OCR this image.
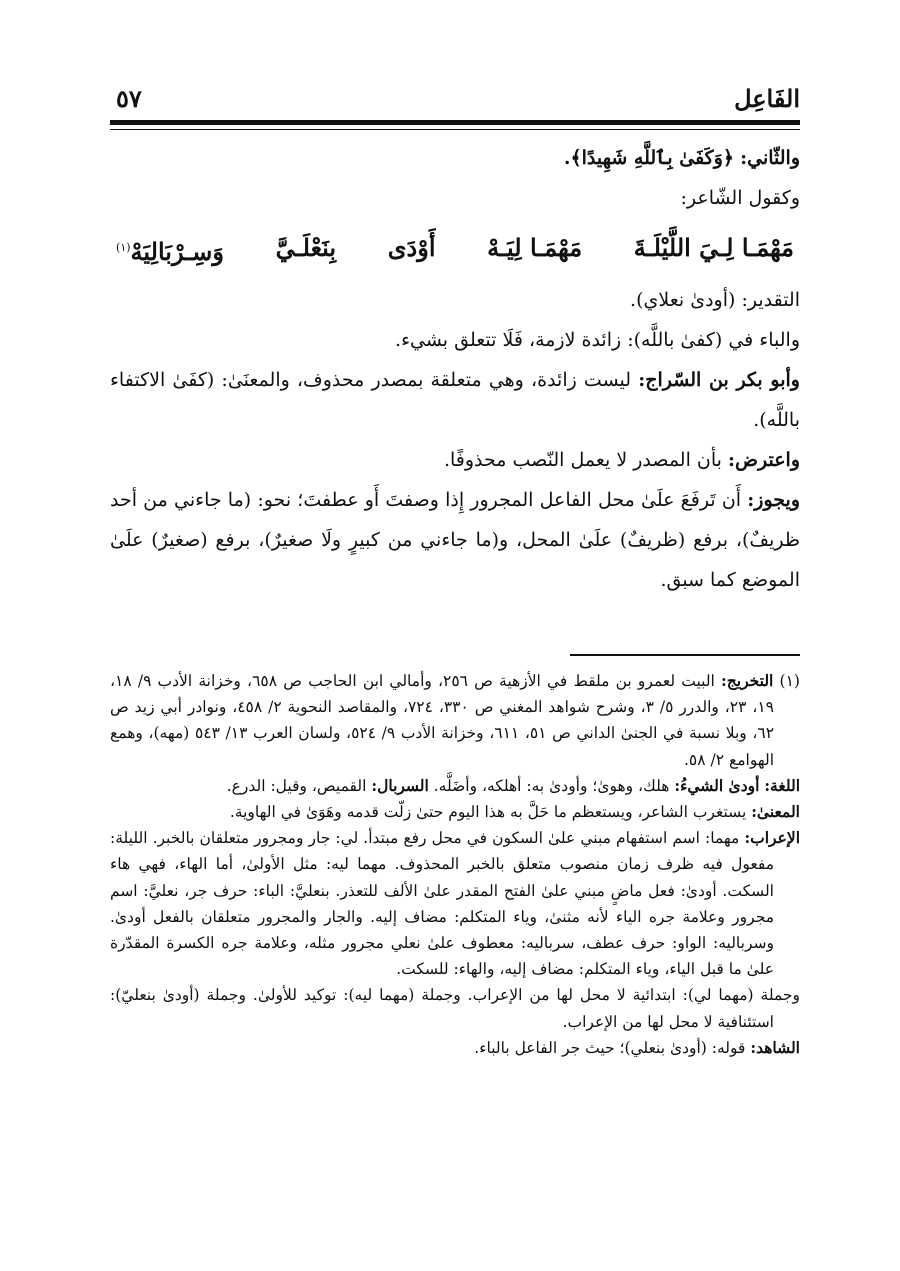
الفَاعِل
٥٧

والثّاني: ﴿وَكَفَىٰ بِٱللَّهِ شَهِيدًا﴾.

وكقول الشّاعر:

مَهْمَـا لِـيَ اللَّيْلَـةَ
مَهْمَـا لِيَـهْ
أَوْدَى
بِنَعْلَـيَّ
وَسِـرْبَالِيَهْ$^{(١)}$

التقدير: (أودىٰ نعلاي).

والباء في (كفىٰ باللَّه): زائدة لازمة، فَلَا تتعلق بشيء.

وأبو بكر بن السّراج: ليست زائدة، وهي متعلقة بمصدر محذوف، والمعنَىٰ: (كفَىٰ الاكتفاء باللَّه).

واعترض: بأن المصدر لا يعمل النّصب محذوفًا.

ويجوز: أَن تَرفَعَ علَىٰ محل الفاعل المجرور إِذا وصفتَ أَو عطفتَ؛ نحو: (ما جاءني من أحد ظريفٌ)، برفع (ظريفٌ) علَىٰ المحل، و(ما جاءني من كبيرٍ ولَا صغيرٌ)، برفع (صغيرٌ) علَىٰ الموضع كما سبق.

(١) التخريج: البيت لعمرو بن ملقط في الأزهية ص ٢٥٦، وأمالي ابن الحاجب ص ٦٥٨، وخزانة الأدب ٩/ ١٨، ١٩، ٢٣، والدرر ٥/ ٣، وشرح شواهد المغني ص ٣٣٠، ٧٢٤، والمقاصد النحوية ٢/ ٤٥٨، ونوادر أبي زيد ص ٦٢، وبلا نسبة في الجنىٰ الداني ص ٥١، ٦١١، وخزانة الأدب ٩/ ٥٢٤، ولسان العرب ١٣/ ٥٤٣ (مهه)، وهمع الهوامع ٢/ ٥٨.

اللغة: أودىٰ الشيءُ: هلك، وهوىٰ؛ وأودىٰ به: أهلكه، وأضَلَّه. السربال: القميص، وقيل: الدرع.

المعنىٰ: يستغرب الشاعر، ويستعظم ما حَلَّ به هذا اليوم حتىٰ زلّت قدمه وهَوَىٰ في الهاوية.

الإعراب: مهما: اسم استفهام مبني علىٰ السكون في محل رفع مبتدأ. لي: جار ومجرور متعلقان بالخبر. الليلة: مفعول فيه ظرف زمان منصوب متعلق بالخبر المحذوف. مهما ليه: مثل الأولىٰ، أما الهاء، فهي هاء السكت. أودىٰ: فعل ماضٍ مبني علىٰ الفتح المقدر علىٰ الألف للتعذر. بنعليَّ: الباء: حرف جر، نعليَّ: اسم مجرور وعلامة جره الياء لأنه مثنىٰ، وياء المتكلم: مضاف إليه. والجار والمجرور متعلقان بالفعل أودىٰ. وسرباليه: الواو: حرف عطف، سرباليه: معطوف علىٰ نعلي مجرور مثله، وعلامة جره الكسرة المقدّرة علىٰ ما قبل الياء، وياء المتكلم: مضاف إليه، والهاء: للسكت.

وجملة (مهما لي): ابتدائية لا محل لها من الإعراب. وجملة (مهما ليه): توكيد للأولىٰ. وجملة (أودىٰ بنعليّ): استئنافية لا محل لها من الإعراب.

الشاهد: قوله: (أودىٰ بنعلي)؛ حيث جر الفاعل بالباء.
